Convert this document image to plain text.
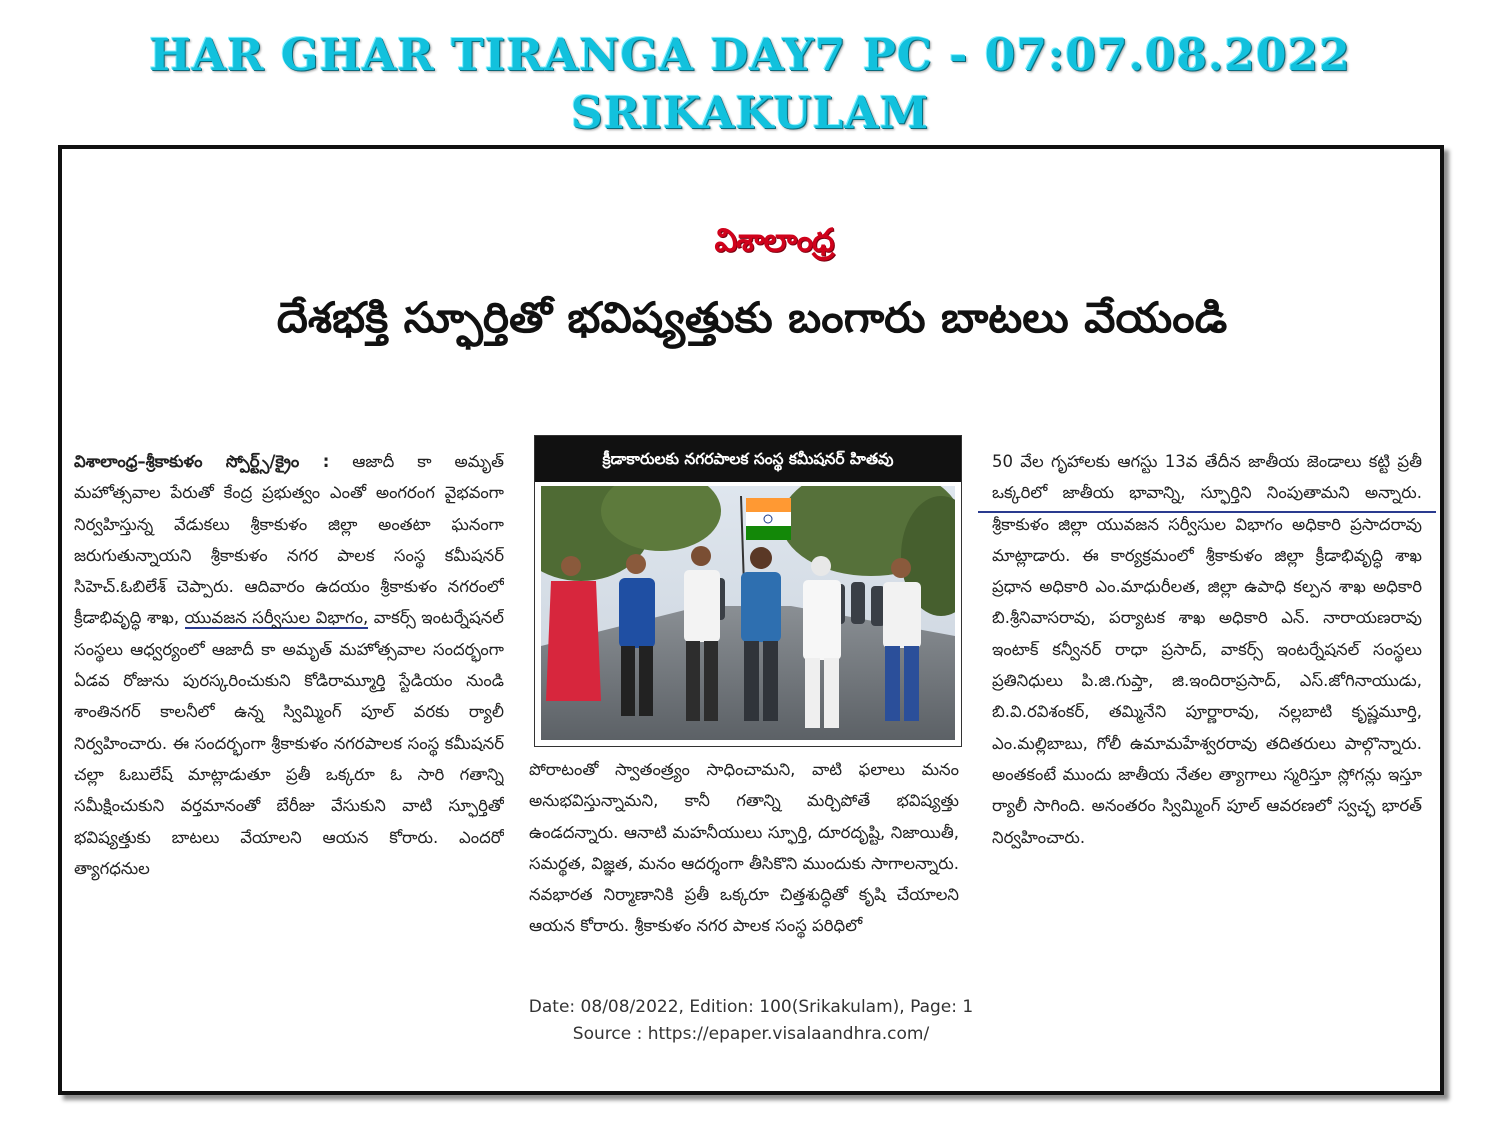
HAR GHAR TIRANGA DAY7 PC - 07:07.08.2022
SRIKAKULAM
విశాలాంధ్ర
దేశభక్తి స్ఫూర్తితో భవిష్యత్తుకు బంగారు బాటలు వేయండి

విశాలాంధ్ర–శ్రీకాకుళం స్పోర్ట్స్/క్రైం : ఆజాదీ కా అమృత్ మహోత్సవాల పేరుతో కేంద్ర ప్రభుత్వం ఎంతో అంగరంగ వైభవంగా నిర్వహిస్తున్న వేడుకలు శ్రీకాకుళం జిల్లా అంతటా ఘనంగా జరుగుతున్నాయని శ్రీకాకుళం నగర పాలక సంస్థ కమీషనర్ సిహెచ్.ఓబిలేశ్ చెప్పారు. ఆదివారం ఉదయం శ్రీకాకుళం నగరంలో క్రీడాభివృద్ధి శాఖ, యువజన సర్వీసుల విభాగం, వాకర్స్ ఇంటర్నేషనల్ సంస్థలు ఆధ్వర్యంలో ఆజాదీ కా అమృత్ మహోత్సవాల సందర్భంగా ఏడవ రోజును పురస్కరించుకుని కోడిరామ్మూర్తి స్టేడియం నుండి శాంతినగర్ కాలనీలో ఉన్న స్విమ్మింగ్ పూల్ వరకు ర్యాలీ నిర్వహించారు. ఈ సందర్భంగా శ్రీకాకుళం నగరపాలక సంస్థ కమీషనర్ చల్లా ఓబులేష్ మాట్లాడుతూ ప్రతీ ఒక్కరూ ఓ సారి గతాన్ని సమీక్షించుకుని వర్తమానంతో బేరీజు వేసుకుని వాటి స్ఫూర్తితో భవిష్యత్తుకు బాటలు వేయాలని ఆయన కోరారు. ఎందరో త్యాగధనుల

క్రీడాకారులకు నగరపాలక సంస్థ కమీషనర్ హితవు

పోరాటంతో స్వాతంత్ర్యం సాధించామని, వాటి ఫలాలు మనం అనుభవిస్తున్నామని, కానీ గతాన్ని మర్చిపోతే భవిష్యత్తు ఉండదన్నారు. ఆనాటి మహనీయులు స్ఫూర్తి, దూరదృష్టి, నిజాయితీ, సమర్థత, విజ్ఞత, మనం ఆదర్శంగా తీసికొని ముందుకు సాగాలన్నారు. నవభారత నిర్మాణానికి ప్రతీ ఒక్కరూ చిత్తశుద్ధితో కృషి చేయాలని ఆయన కోరారు. శ్రీకాకుళం నగర పాలక సంస్థ పరిధిలో

50 వేల గృహాలకు ఆగస్టు 13వ తేదీన జాతీయ జెండాలు కట్టి ప్రతీ ఒక్కరిలో జాతీయ భావాన్ని, స్ఫూర్తిని నింపుతామని అన్నారు. శ్రీకాకుళం జిల్లా యువజన సర్వీసుల విభాగం అధికారి ప్రసాదరావు మాట్లాడారు. ఈ కార్యక్రమంలో శ్రీకాకుళం జిల్లా క్రీడాభివృద్ధి శాఖ ప్రధాన అధికారి ఎం.మాధురీలత, జిల్లా ఉపాధి కల్పన శాఖ అధికారి బి.శ్రీనివాసరావు, పర్యాటక శాఖ అధికారి ఎన్. నారాయణరావు ఇంటాక్ కన్వీనర్ రాధా ప్రసాద్, వాకర్స్ ఇంటర్నేషనల్ సంస్థలు ప్రతినిధులు పి.జి.గుప్తా, జి.ఇందిరాప్రసాద్, ఎస్.జోగినాయుడు, బి.వి.రవిశంకర్, తమ్మినేని పూర్ణారావు, నల్లబాటి కృష్ణమూర్తి, ఎం.మల్లిబాబు, గోలీ ఉమామహేశ్వరరావు తదితరులు పాల్గొన్నారు. అంతకంటే ముందు జాతీయ నేతల త్యాగాలు స్మరిస్తూ స్లోగన్లు ఇస్తూ ర్యాలీ సాగింది. అనంతరం స్విమ్మింగ్ పూల్ ఆవరణలో స్వచ్ఛ భారత్ నిర్వహించారు.

Date: 08/08/2022, Edition: 100(Srikakulam), Page: 1
Source : https://epaper.visalaandhra.com/
